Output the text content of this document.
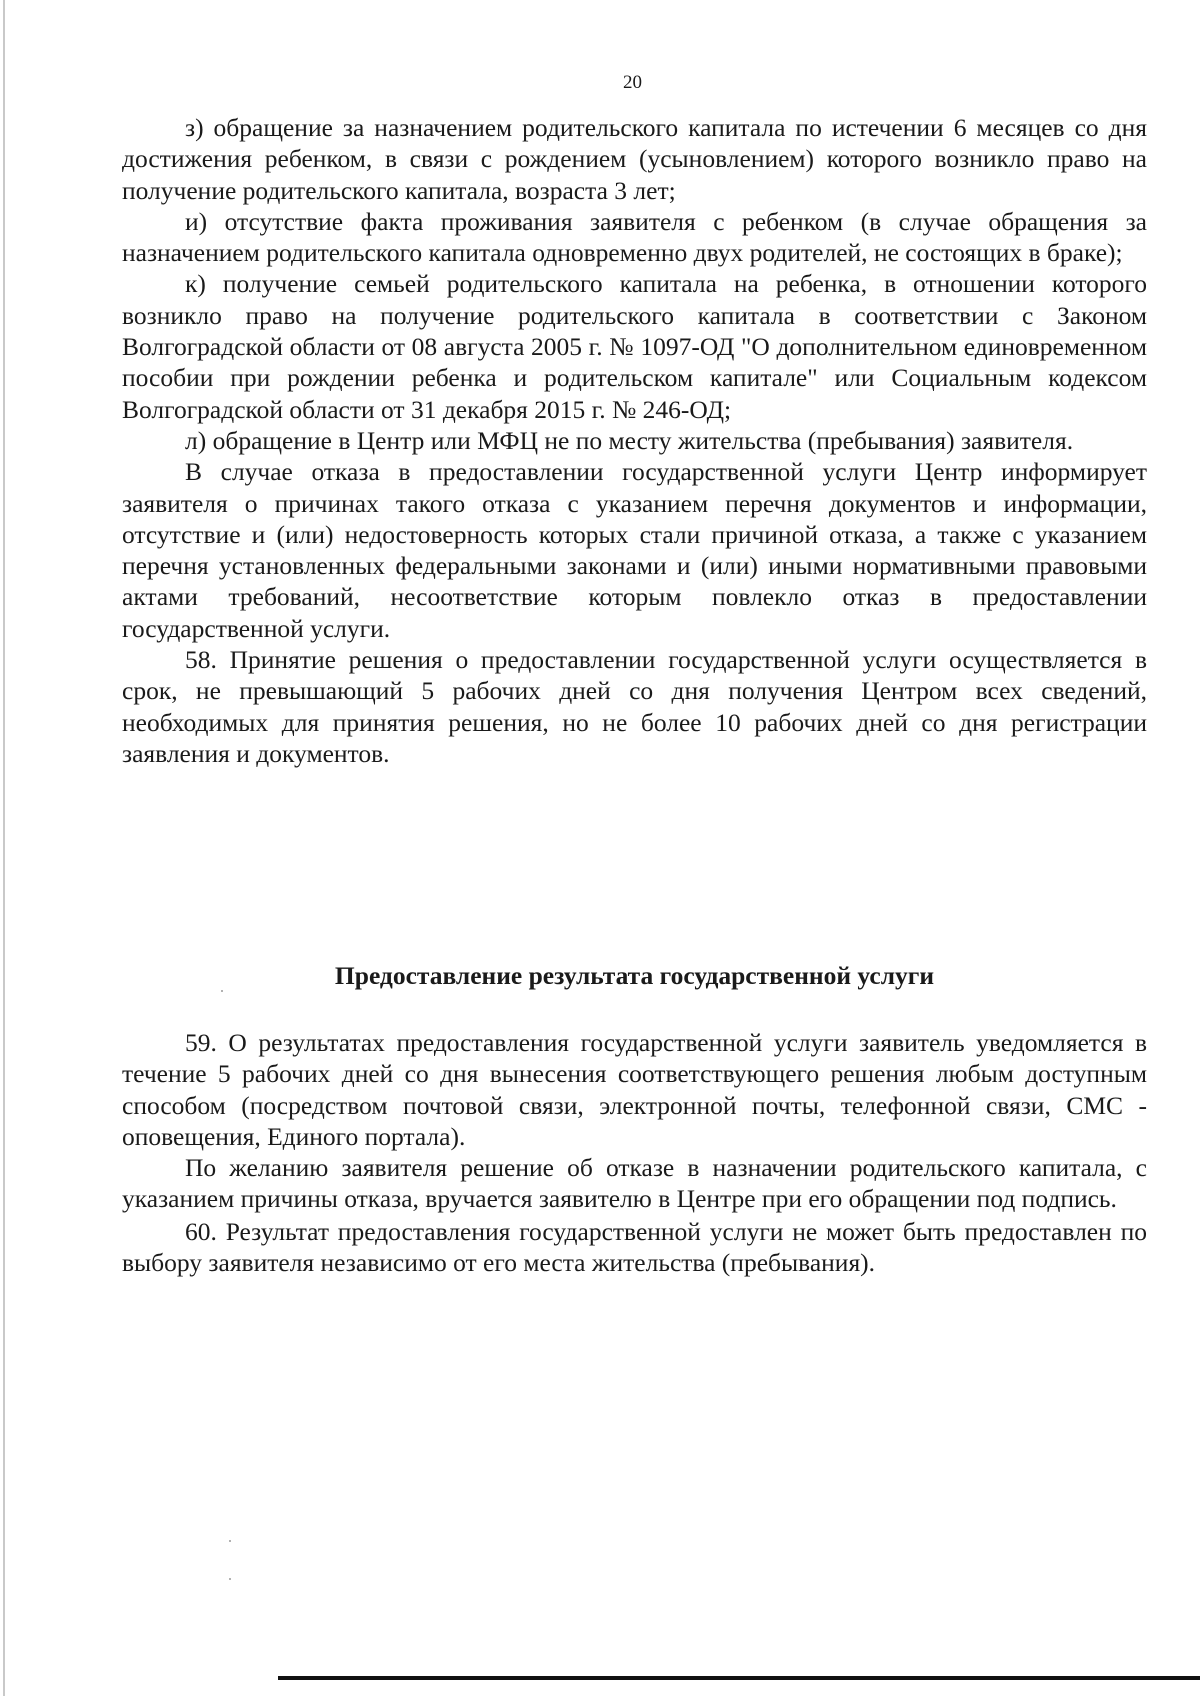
20

з) обращение за назначением родительского капитала по истечении 6 месяцев со дня достижения ребенком, в связи с рождением (усыновлением) которого возникло право на получение родительского капитала, возраста 3 лет;

и) отсутствие факта проживания заявителя с ребенком (в случае обращения за назначением родительского капитала одновременно двух родителей, не состоящих в браке);

к) получение семьей родительского капитала на ребенка, в отношении которого возникло право на получение родительского капитала в соответствии с Законом Волгоградской области от 08 августа 2005 г. № 1097-ОД "О дополнительном единовременном пособии при рождении ребенка и родительском капитале" или Социальным кодексом Волгоградской области от 31 декабря 2015 г. № 246-ОД;

л) обращение в Центр или МФЦ не по месту жительства (пребывания) заявителя.

В случае отказа в предоставлении государственной услуги Центр информирует заявителя о причинах такого отказа с указанием перечня документов и информации, отсутствие и (или) недостоверность которых стали причиной отказа, а также с указанием перечня установленных федеральными законами и (или) иными нормативными правовыми актами требований, несоответствие которым повлекло отказ в предоставлении государственной услуги.

58. Принятие решения о предоставлении государственной услуги осуществляется в срок, не превышающий 5 рабочих дней со дня получения Центром всех сведений, необходимых для принятия решения, но не более 10 рабочих дней со дня регистрации заявления и документов.

Предоставление результата государственной услуги

59. О результатах предоставления государственной услуги заявитель уведомляется в течение 5 рабочих дней со дня вынесения соответствующего решения любым доступным способом (посредством почтовой связи, электронной почты, телефонной связи, СМС - оповещения, Единого портала).

По желанию заявителя решение об отказе в назначении родительского капитала, с указанием причины отказа, вручается заявителю в Центре при его обращении под подпись.

60. Результат предоставления государственной услуги не может быть предоставлен по выбору заявителя независимо от его места жительства (пребывания).
